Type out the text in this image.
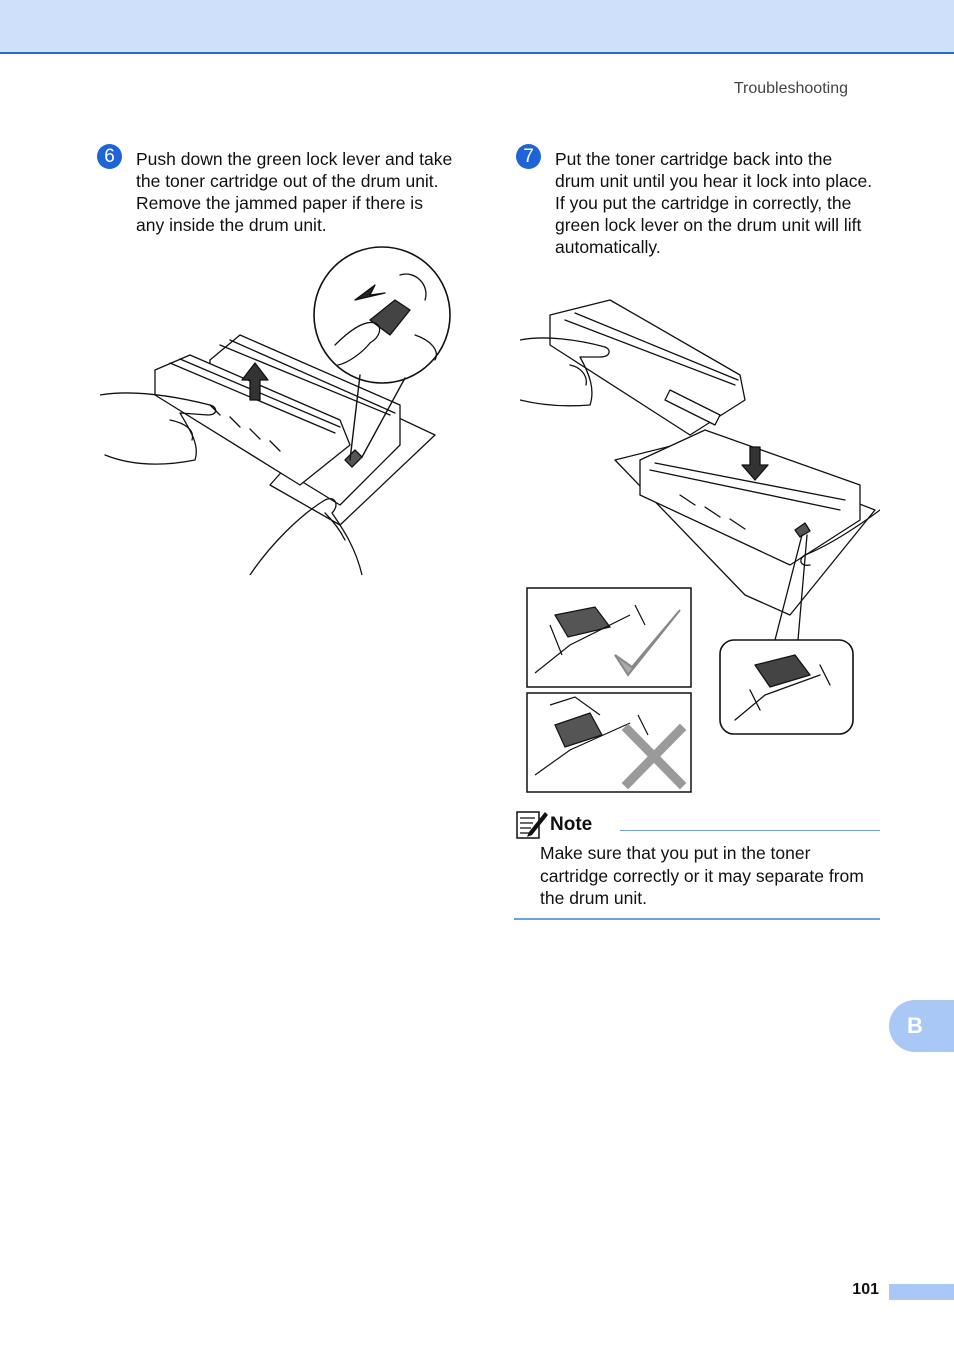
Troubleshooting
6	Push down the green lock lever and take
the toner cartridge out of the drum unit.
Remove the jammed paper if there is
any inside the drum unit.
7	Put the toner cartridge back into the
drum unit until you hear it lock into place.
If you put the cartridge in correctly, the
green lock lever on the drum unit will lift
automatically.
Note
Make sure that you put in the toner
cartridge correctly or it may separate from
the drum unit.
B
101
